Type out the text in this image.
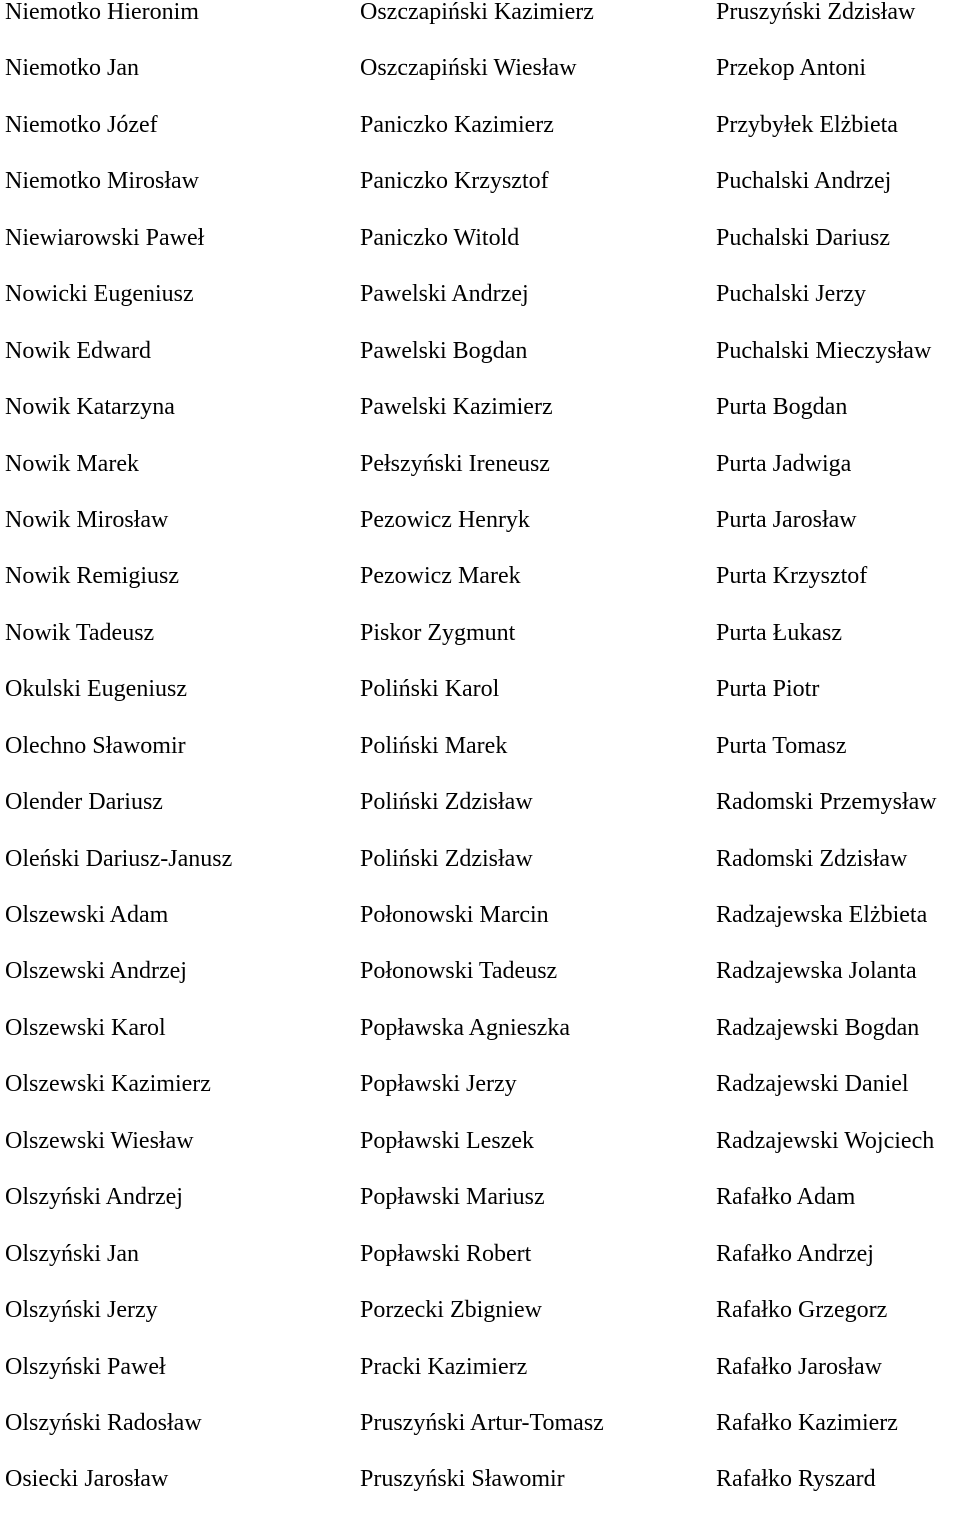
Niemotko Hieronim	Oszczapiński Kazimierz	Pruszyński Zdzisław
Niemotko Jan	Oszczapiński Wiesław	Przekop Antoni
Niemotko Józef	Paniczko Kazimierz	Przybyłek Elżbieta
Niemotko Mirosław	Paniczko Krzysztof	Puchalski Andrzej
Niewiarowski Paweł	Paniczko Witold	Puchalski Dariusz
Nowicki Eugeniusz	Pawelski Andrzej	Puchalski Jerzy
Nowik Edward	Pawelski Bogdan	Puchalski Mieczysław
Nowik Katarzyna	Pawelski Kazimierz	Purta Bogdan
Nowik Marek	Pełszyński Ireneusz	Purta Jadwiga
Nowik Mirosław	Pezowicz Henryk	Purta Jarosław
Nowik Remigiusz	Pezowicz Marek	Purta Krzysztof
Nowik Tadeusz	Piskor Zygmunt	Purta Łukasz
Okulski Eugeniusz	Poliński Karol	Purta Piotr
Olechno Sławomir	Poliński Marek	Purta Tomasz
Olender Dariusz	Poliński Zdzisław	Radomski Przemysław
Oleński Dariusz-Janusz	Poliński Zdzisław	Radomski Zdzisław
Olszewski Adam	Połonowski Marcin	Radzajewska Elżbieta
Olszewski Andrzej	Połonowski Tadeusz	Radzajewska Jolanta
Olszewski Karol	Popławska Agnieszka	Radzajewski Bogdan
Olszewski Kazimierz	Popławski Jerzy	Radzajewski Daniel
Olszewski Wiesław	Popławski Leszek	Radzajewski Wojciech
Olszyński Andrzej	Popławski Mariusz	Rafałko Adam
Olszyński Jan	Popławski Robert	Rafałko Andrzej
Olszyński Jerzy	Porzecki Zbigniew	Rafałko Grzegorz
Olszyński Paweł	Pracki Kazimierz	Rafałko Jarosław
Olszyński Radosław	Pruszyński Artur-Tomasz	Rafałko Kazimierz
Osiecki Jarosław	Pruszyński Sławomir	Rafałko Ryszard
